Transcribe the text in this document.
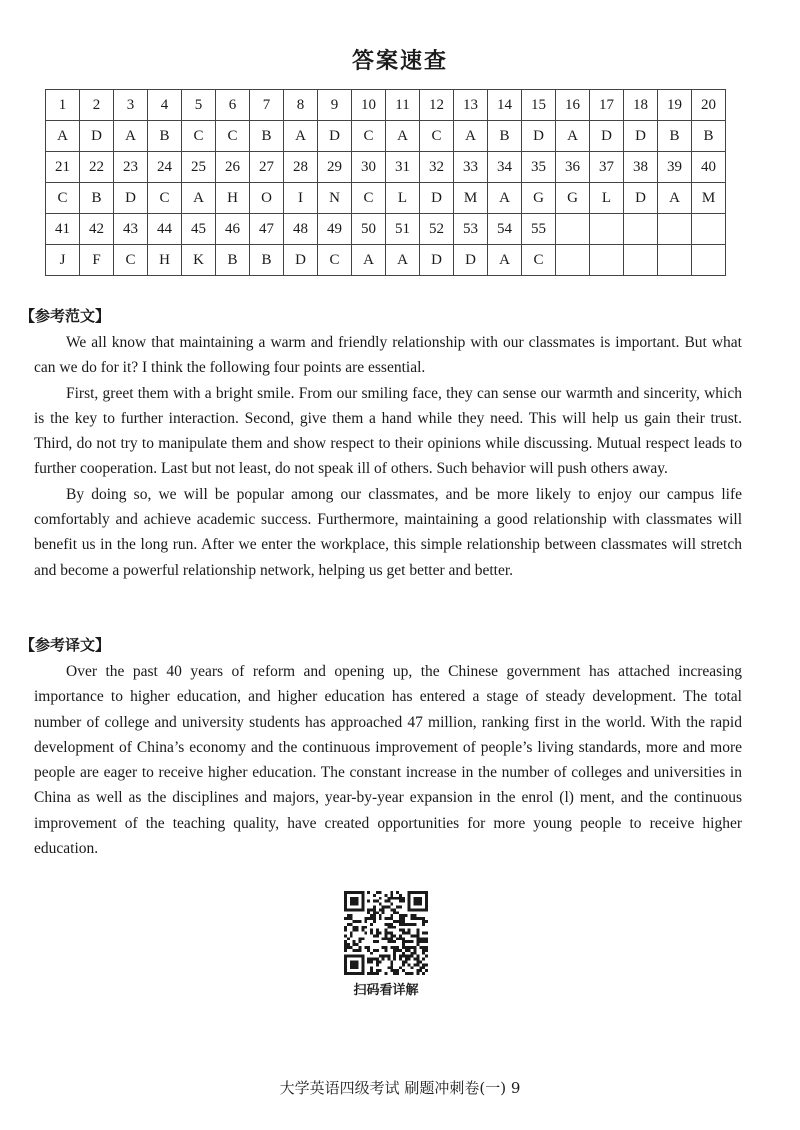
答案速查
1	2	3	4	5	6	7	8	9	10	11	12	13	14	15	16	17	18	19	20
A	D	A	B	C	C	B	A	D	C	A	C	A	B	D	A	D	D	B	B
21	22	23	24	25	26	27	28	29	30	31	32	33	34	35	36	37	38	39	40
C	B	D	C	A	H	O	I	N	C	L	D	M	A	G	G	L	D	A	M
41	42	43	44	45	46	47	48	49	50	51	52	53	54	55					
J	F	C	H	K	B	B	D	C	A	A	D	D	A	C					
【参考范文】

We all know that maintaining a warm and friendly relationship with our classmates is important. But what can we do for it? I think the following four points are essential.

First, greet them with a bright smile. From our smiling face, they can sense our warmth and sincerity, which is the key to further interaction. Second, give them a hand while they need. This will help us gain their trust. Third, do not try to manipulate them and show respect to their opinions while discussing. Mutual respect leads to further cooperation. Last but not least, do not speak ill of others. Such behavior will push others away.

By doing so, we will be popular among our classmates, and be more likely to enjoy our campus life comfortably and achieve academic success. Furthermore, maintaining a good relationship with classmates will benefit us in the long run. After we enter the workplace, this simple relationship between classmates will stretch and become a powerful relationship network, helping us get better and better.

【参考译文】

Over the past 40 years of reform and opening up, the Chinese government has attached increasing importance to higher education, and higher education has entered a stage of steady development. The total number of college and university students has approached 47 million, ranking first in the world. With the rapid development of China’s economy and the continuous improvement of people’s living standards, more and more people are eager to receive higher education. The constant increase in the number of colleges and universities in China as well as the disciplines and majors, year-by-year expansion in the enrol (l) ment, and the continuous improvement of the teaching quality, have created opportunities for more young people to receive higher education.

扫码看详解
大学英语四级考试 刷题冲刺卷(一) 9
